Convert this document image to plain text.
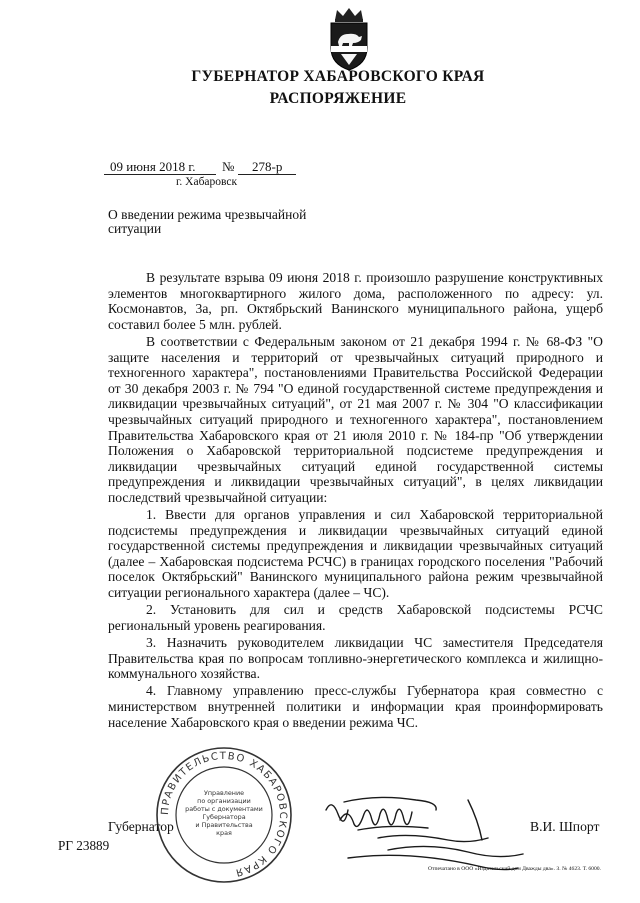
ГУБЕРНАТОР ХАБАРОВСКОГО КРАЯ
РАСПОРЯЖЕНИЕ
09 июня 2018 г. № 278-р
г. Хабаровск
О введении режима чрезвычайной
ситуации

В результате взрыва 09 июня 2018 г. произошло разрушение конструктивных элементов многоквартирного жилого дома, расположенного по адресу: ул. Космонавтов, 3а, рп. Октябрьский Ванинского муниципального района, ущерб составил более 5 млн. рублей.

В соответствии с Федеральным законом от 21 декабря 1994 г. № 68-ФЗ "О защите населения и территорий от чрезвычайных ситуаций природного и техногенного характера", постановлениями Правительства Российской Федерации от 30 декабря 2003 г. № 794 "О единой государственной системе предупреждения и ликвидации чрезвычайных ситуаций", от 21 мая 2007 г. № 304 "О классификации чрезвычайных ситуаций природного и техногенного характера", постановлением Правительства Хабаровского края от 21 июля 2010 г. № 184-пр "Об утверждении Положения о Хабаровской территориальной подсистеме предупреждения и ликвидации чрезвычайных ситуаций единой государственной системы предупреждения и ликвидации чрезвычайных ситуаций", в целях ликвидации последствий чрезвычайной ситуации:

1. Ввести для органов управления и сил Хабаровской территориальной подсистемы предупреждения и ликвидации чрезвычайных ситуаций единой государственной системы предупреждения и ликвидации чрезвычайных ситуаций (далее – Хабаровская подсистема РСЧС) в границах городского поселения "Рабочий поселок Октябрьский" Ванинского муниципального района режим чрезвычайной ситуации регионального характера (далее – ЧС).

2. Установить для сил и средств Хабаровской подсистемы РСЧС региональный уровень реагирования.

3. Назначить руководителем ликвидации ЧС заместителя Председателя Правительства края по вопросам топливно-энергетического комплекса и жилищно-коммунального хозяйства.

4. Главному управлению пресс-службы Губернатора края совместно с министерством внутренней политики и информации края проинформировать население Хабаровского края о введении режима ЧС.

ПРАВИТЕЛЬСТВО ХАБАРОВСКОГО КРАЯ
Управление
по организации
работы с документами
Губернатора
и Правительства
края
Губернатор	В.И. Шпорт
РГ 23889
Отпечатано в ООО «Издательский дом Дважды два». З. № 4623. Т. 6000.
